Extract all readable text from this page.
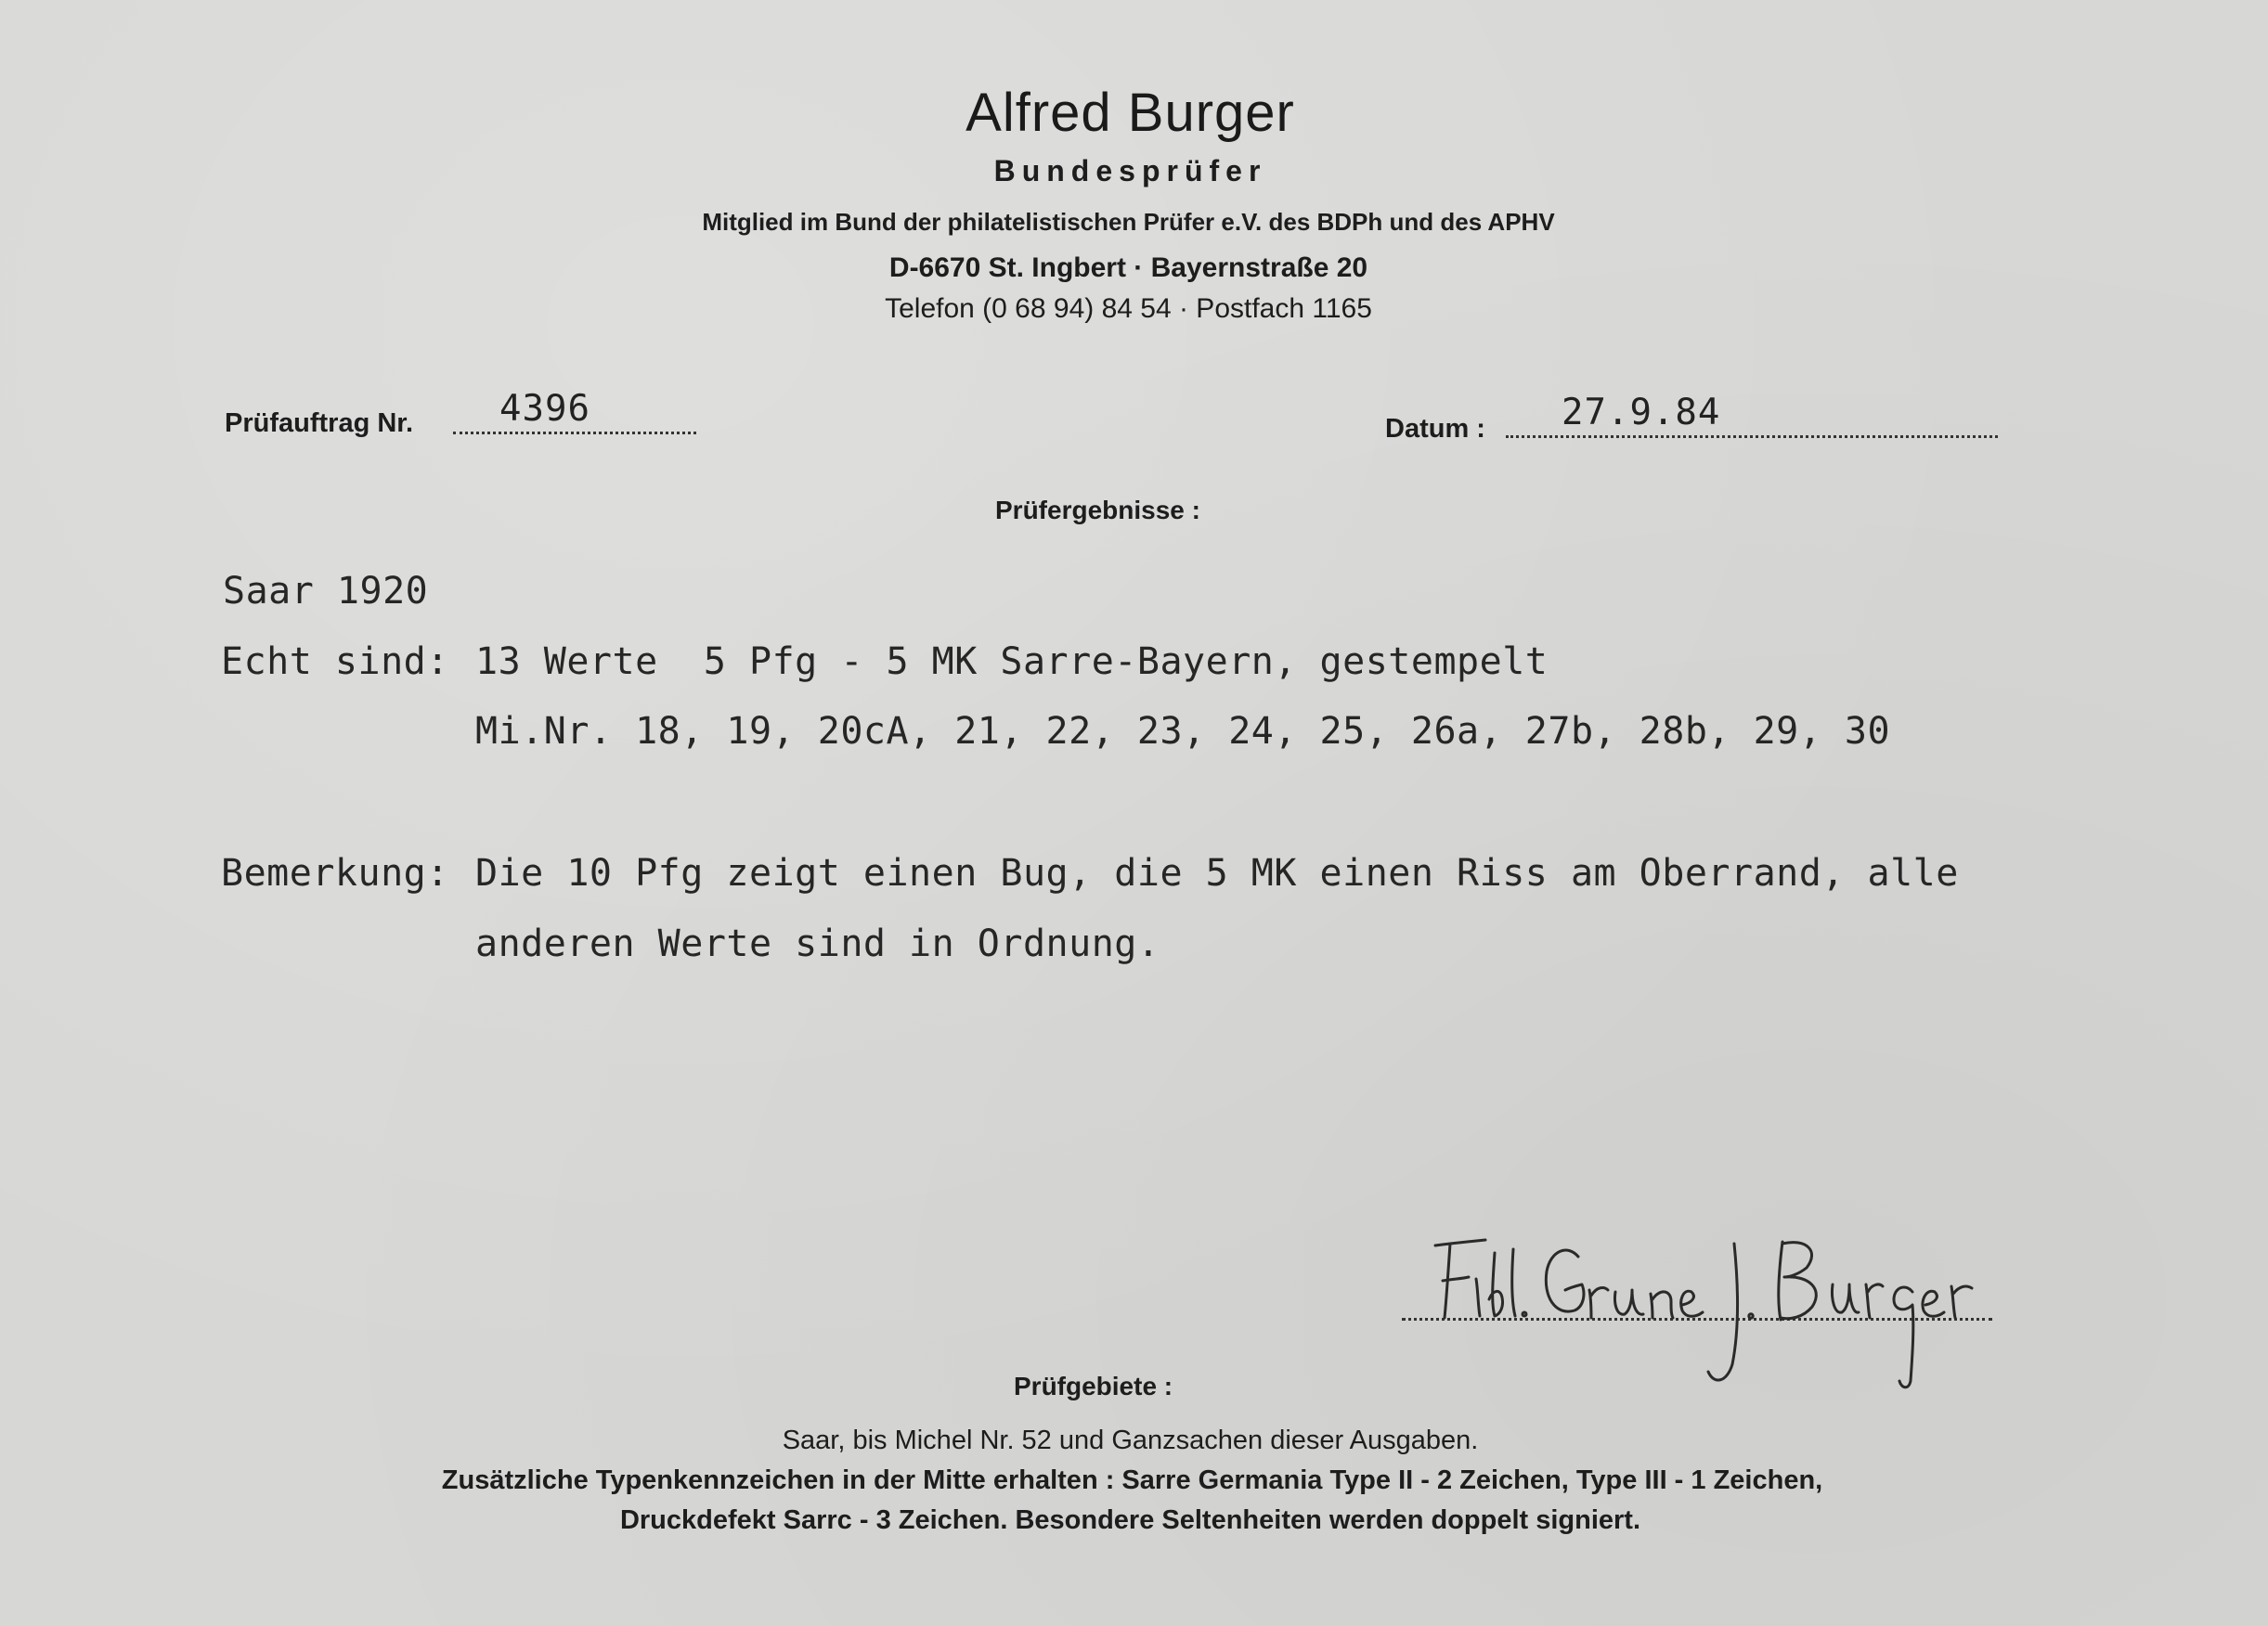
Alfred Burger
Bundesprüfer
Mitglied im Bund der philatelistischen Prüfer e.V. des BDPh und des APHV
D-6670 St. Ingbert · Bayernstraße 20
Telefon (0 68 94) 84 54 · Postfach 1165
Prüfauftrag Nr. 4396	Datum : 27.9.84
Prüfergebnisse :
Saar 1920
Echt sind: 13 Werte  5 Pfg - 5 MK Sarre-Bayern, gestempelt
Mi.Nr. 18, 19, 20cA, 21, 22, 23, 24, 25, 26a, 27b, 28b, 29, 30
Bemerkung: Die 10 Pfg zeigt einen Bug, die 5 MK einen Riss am Oberrand, alle
anderen Werte sind in Ordnung.
Prüfgebiete :
Saar, bis Michel Nr. 52 und Ganzsachen dieser Ausgaben.
Zusätzliche Typenkennzeichen in der Mitte erhalten : Sarre Germania Type II - 2 Zeichen, Type III - 1 Zeichen,
Druckdefekt Sarrc - 3 Zeichen. Besondere Seltenheiten werden doppelt signiert.
